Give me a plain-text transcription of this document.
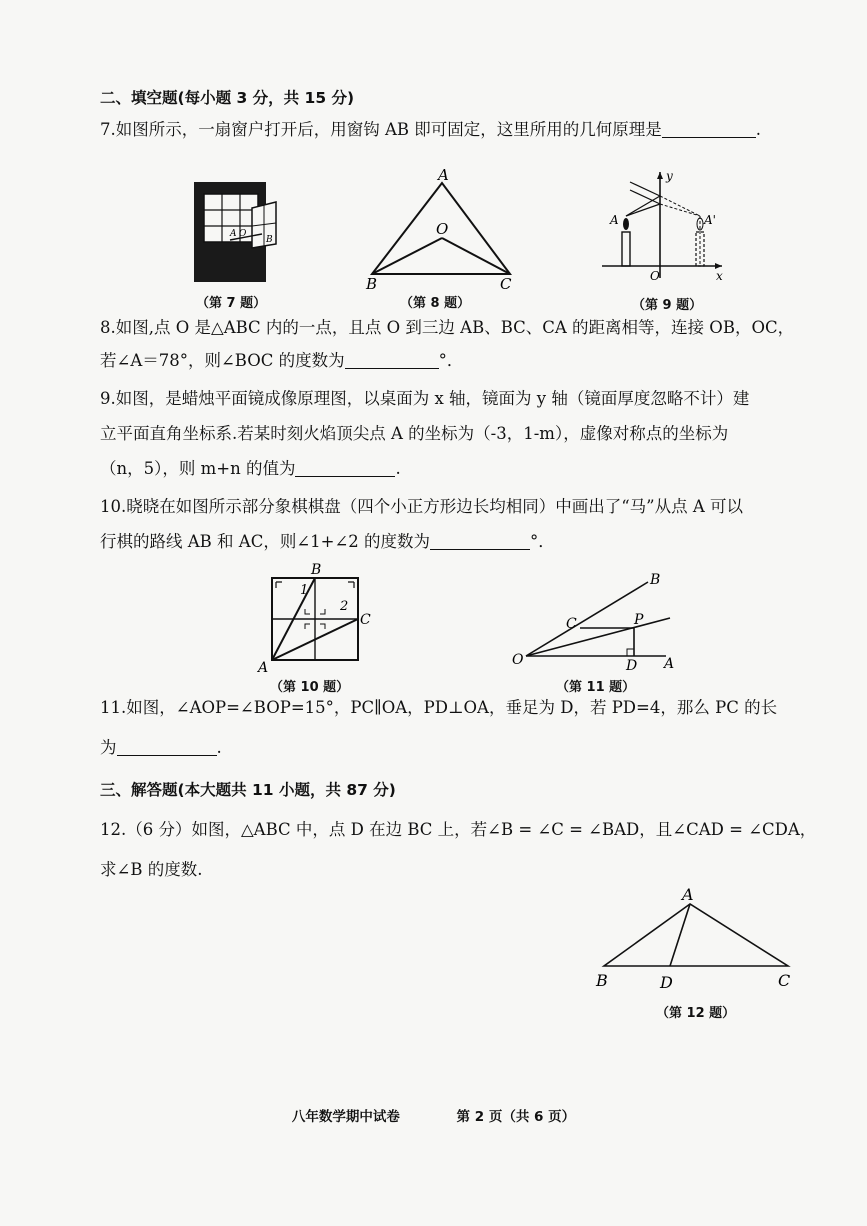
二、填空题(每小题 3 分，共 15 分)
7.如图所示，一扇窗户打开后，用窗钩 AB 即可固定，这里所用的几何原理是	.
A O
B
（第 7 题）
A
O
B	C
（第 8 题）
A	A'
O	x
y
（第 9 题）
8.如图,点 O 是△ABC 内的一点，且点 O 到三边 AB、BC、CA 的距离相等，连接 OB，OC，
若∠A＝78°，则∠BOC 的度数为	°．
9.如图，是蜡烛平面镜成像原理图，以桌面为 x 轴，镜面为 y 轴（镜面厚度忽略不计）建
立平面直角坐标系.若某时刻火焰顶尖点 A 的坐标为（-3，1-m），虚像对称点的坐标为
（n，5），则 m+n 的值为	.
10.晓晓在如图所示部分象棋棋盘（四个小正方形边长均相同）中画出了“马”从点 A 可以
行棋的路线 AB 和 AC，则∠1+∠2 的度数为	°．
B
A
C
1
2
（第 10 题）
O	A
B
C	P
D
（第 11 题）
11.如图，∠AOP=∠BOP=15°，PC∥OA，PD⊥OA，垂足为 D，若 PD=4，那么 PC 的长
为	.
三、解答题(本大题共 11 小题，共 87 分)
12.（6 分）如图，△ABC 中，点 D 在边 BC 上，若∠B = ∠C = ∠BAD，且∠CAD = ∠CDA，
求∠B 的度数.
A
B	C
D
（第 12 题）
八年数学期中试卷	第 2 页（共 6 页）
